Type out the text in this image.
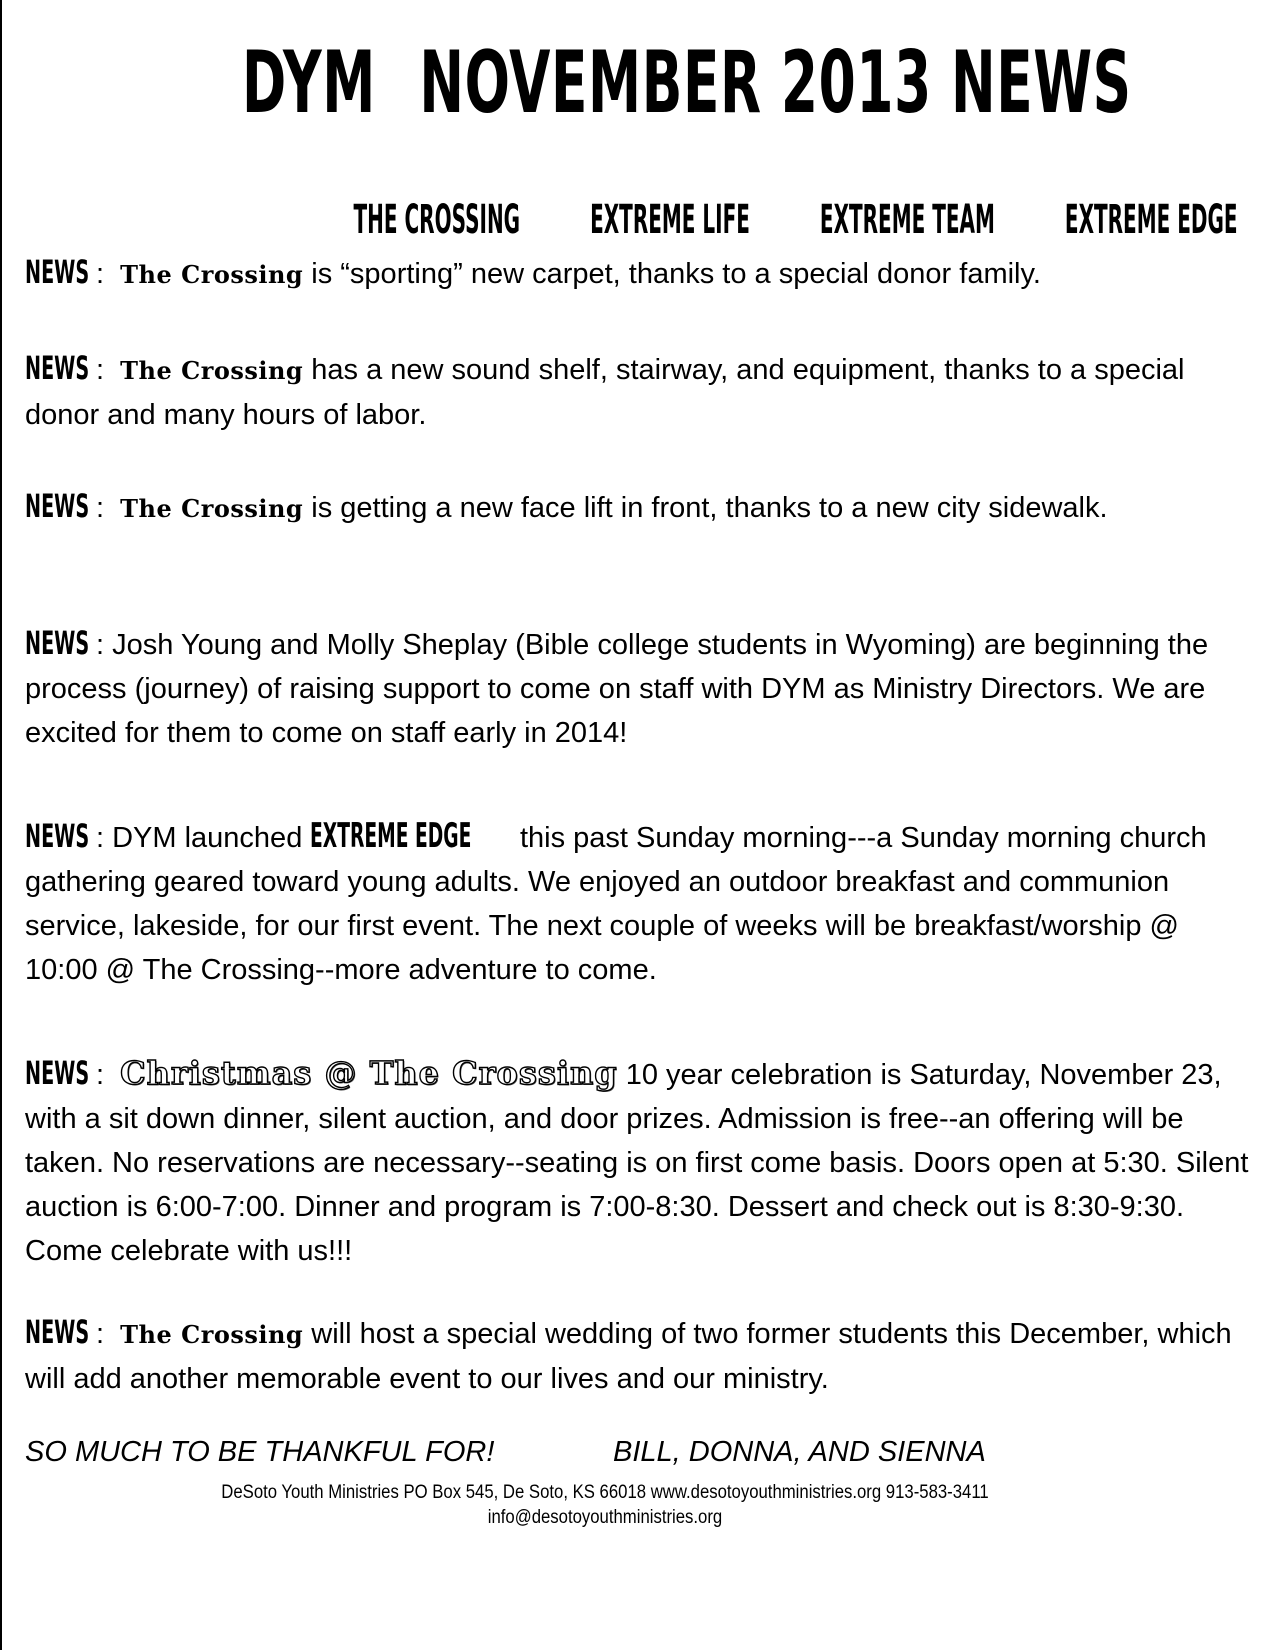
DYM NOVEMBER 2013 NEWS
THE CROSSING EXTREME LIFE EXTREME TEAM EXTREME EDGE

NEWS :  The Crossing is “sporting” new carpet, thanks to a special donor family.

NEWS :  The Crossing has a new sound shelf, stairway, and equipment, thanks to a special donor and many hours of labor.

NEWS :  The Crossing is getting a new face lift in front, thanks to a new city sidewalk.

NEWS : Josh Young and Molly Sheplay (Bible college students in Wyoming) are beginning the process (journey) of raising support to come on staff with DYM as Ministry Directors. We are excited for them to come on staff early in 2014!

NEWS : DYM launched EXTREME EDGE this past Sunday morning---a Sunday morning church gathering geared toward young adults. We enjoyed an outdoor breakfast and communion service, lakeside, for our first event. The next couple of weeks will be breakfast/worship @ 10:00 @ The Crossing--more adventure to come.

NEWS :  Christmas @ The Crossing 10 year celebration is Saturday, November 23, with a sit down dinner, silent auction, and door prizes. Admission is free--an offering will be taken. No reservations are necessary--seating is on first come basis. Doors open at 5:30. Silent auction is 6:00-7:00. Dinner and program is 7:00-8:30. Dessert and check out is 8:30-9:30. Come celebrate with us!!!

NEWS :  The Crossing will host a special wedding of two former students this December, which will add another memorable event to our lives and our ministry.

SO MUCH TO BE THANKFUL FOR!	BILL, DONNA, AND SIENNA
DeSoto Youth Ministries PO Box 545, De Soto, KS 66018 www.desotoyouthministries.org 913-583-3411
info@desotoyouthministries.org
